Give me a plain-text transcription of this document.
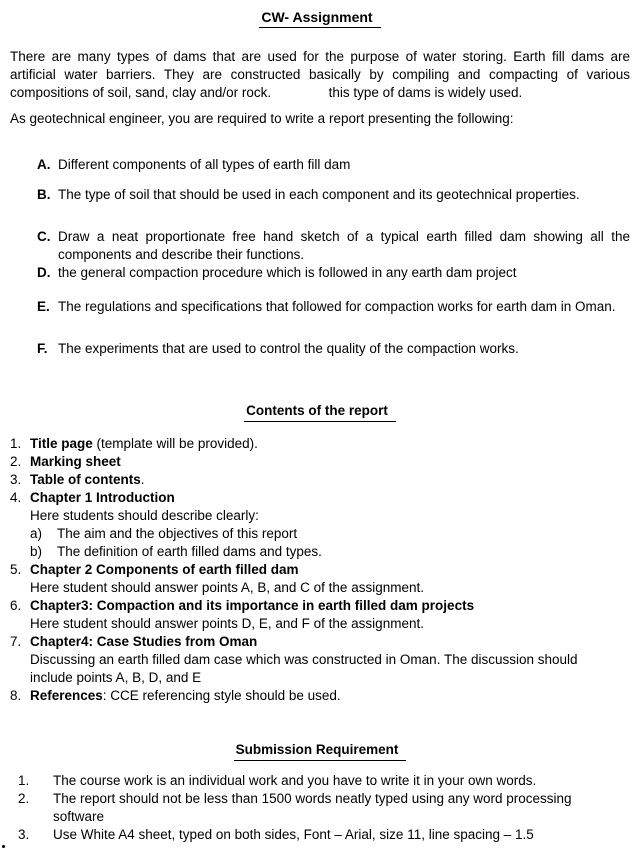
CW- Assignment

There are many types of dams that are used for the purpose of water storing. Earth fill dams are artificial water barriers. They are constructed basically by compiling and compacting of various compositions of soil, sand, clay and/or rock.	this type of dams is widely used.

As geotechnical engineer, you are required to write a report presenting the following:

A. Different components of all types of earth fill dam
B. The type of soil that should be used in each component and its geotechnical properties.
C. Draw a neat proportionate free hand sketch of a typical earth filled dam showing all the components and describe their functions.
D. the general compaction procedure which is followed in any earth dam project
E. The regulations and specifications that followed for compaction works for earth dam in Oman.
F. The experiments that are used to control the quality of the compaction works.
Contents of the report
1. Title page (template will be provided).
2. Marking sheet
3. Table of contents.
4. Chapter 1 Introduction
Here students should describe clearly:
a)	The aim and the objectives of this report
b)	The definition of earth filled dams and types.
5. Chapter 2 Components of earth filled dam
Here student should answer points A, B, and C of the assignment.
6. Chapter3: Compaction and its importance in earth filled dam projects
Here student should answer points D, E, and F of the assignment.
7. Chapter4: Case Studies from Oman
Discussing an earth filled dam case which was constructed in Oman. The discussion should include points A, B, D, and E
8. References: CCE referencing style should be used.
Submission Requirement
1.	The course work is an individual work and you have to write it in your own words.
2.	The report should not be less than 1500 words neatly typed using any word processing software
3.	Use White A4 sheet, typed on both sides, Font – Arial, size 11, line spacing – 1.5
